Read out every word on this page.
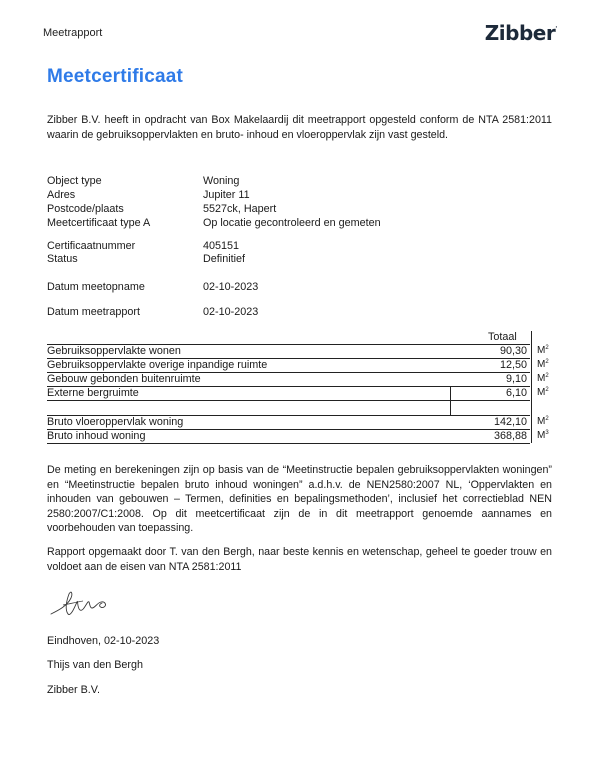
Meetrapport	Zibber·
Meetcertificaat
Zibber B.V. heeft in opdracht van Box Makelaardij dit meetrapport opgesteld conform de NTA 2581:2011 waarin de gebruiksoppervlakten en bruto- inhoud en vloeroppervlak zijn vast gesteld.
Object type	Woning
Adres	Jupiter 11
Postcode/plaats	5527ck, Hapert
Meetcertificaat type A	Op locatie gecontroleerd en gemeten
Certificaatnummer	405151
Status	Definitief
Datum meetopname	02-10-2023
Datum meetrapport	02-10-2023
Totaal
Gebruiksoppervlakte wonen	90,30 $M^2$
Gebruiksoppervlakte overige inpandige ruimte	12,50 $M^2$
Gebouw gebonden buitenruimte	9,10 $M^2$
Externe bergruimte	6,10 $M^2$
Bruto vloeroppervlak woning	142,10 $M^2$
Bruto inhoud woning	368,88 $M^3$
De meting en berekeningen zijn op basis van de “Meetinstructie bepalen gebruiksoppervlakten woningen” en “Meetinstructie bepalen bruto inhoud woningen” a.d.h.v. de NEN2580:2007 NL, ‘Oppervlakten en inhouden van gebouwen – Termen, definities en bepalingsmethoden’, inclusief het correctieblad NEN 2580:2007/C1:2008. Op dit meetcertificaat zijn de in dit meetrapport genoemde aannames en voorbehouden van toepassing.
Rapport opgemaakt door T. van den Bergh, naar beste kennis en wetenschap, geheel te goeder trouw en voldoet aan de eisen van NTA 2581:2011
Eindhoven, 02-10-2023
Thijs van den Bergh
Zibber B.V.
